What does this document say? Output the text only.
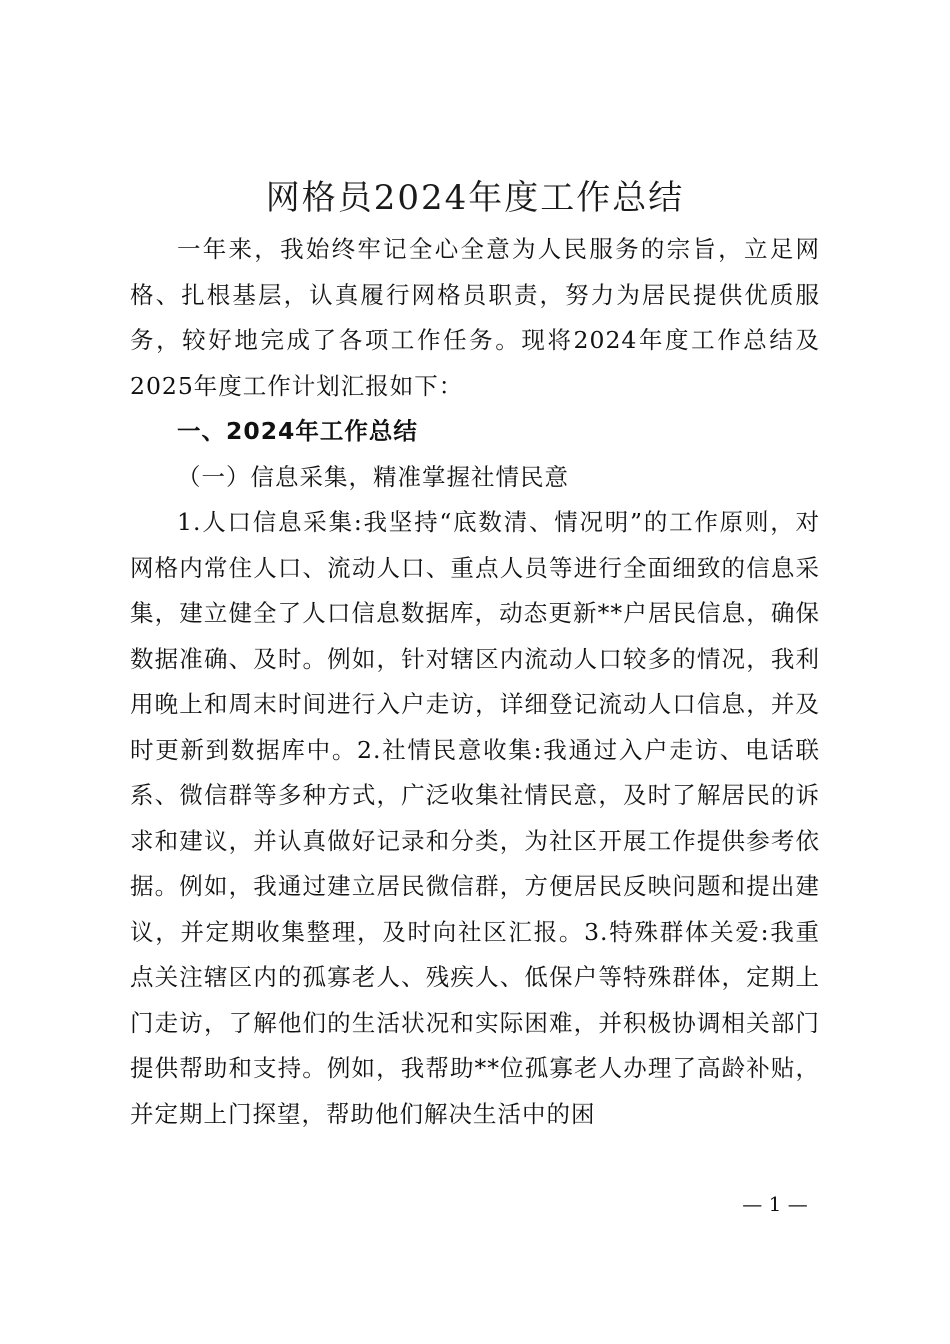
网格员2024年度工作总结

一年来，我始终牢记全心全意为人民服务的宗旨，立足网格、扎根基层，认真履行网格员职责，努力为居民提供优质服务，较好地完成了各项工作任务。现将2024年度工作总结及2025年度工作计划汇报如下：

一、2024年工作总结

（一）信息采集，精准掌握社情民意

1.人口信息采集:我坚持“底数清、情况明”的工作原则，对网格内常住人口、流动人口、重点人员等进行全面细致的信息采集，建立健全了人口信息数据库，动态更新**户居民信息，确保数据准确、及时。例如，针对辖区内流动人口较多的情况，我利用晚上和周末时间进行入户走访，详细登记流动人口信息，并及时更新到数据库中。2.社情民意收集:我通过入户走访、电话联系、微信群等多种方式，广泛收集社情民意，及时了解居民的诉求和建议，并认真做好记录和分类，为社区开展工作提供参考依据。例如，我通过建立居民微信群，方便居民反映问题和提出建议，并定期收集整理，及时向社区汇报。3.特殊群体关爱:我重点关注辖区内的孤寡老人、残疾人、低保户等特殊群体，定期上门走访，了解他们的生活状况和实际困难，并积极协调相关部门提供帮助和支持。例如，我帮助**位孤寡老人办理了高龄补贴，并定期上门探望，帮助他们解决生活中的困

— 1 —
